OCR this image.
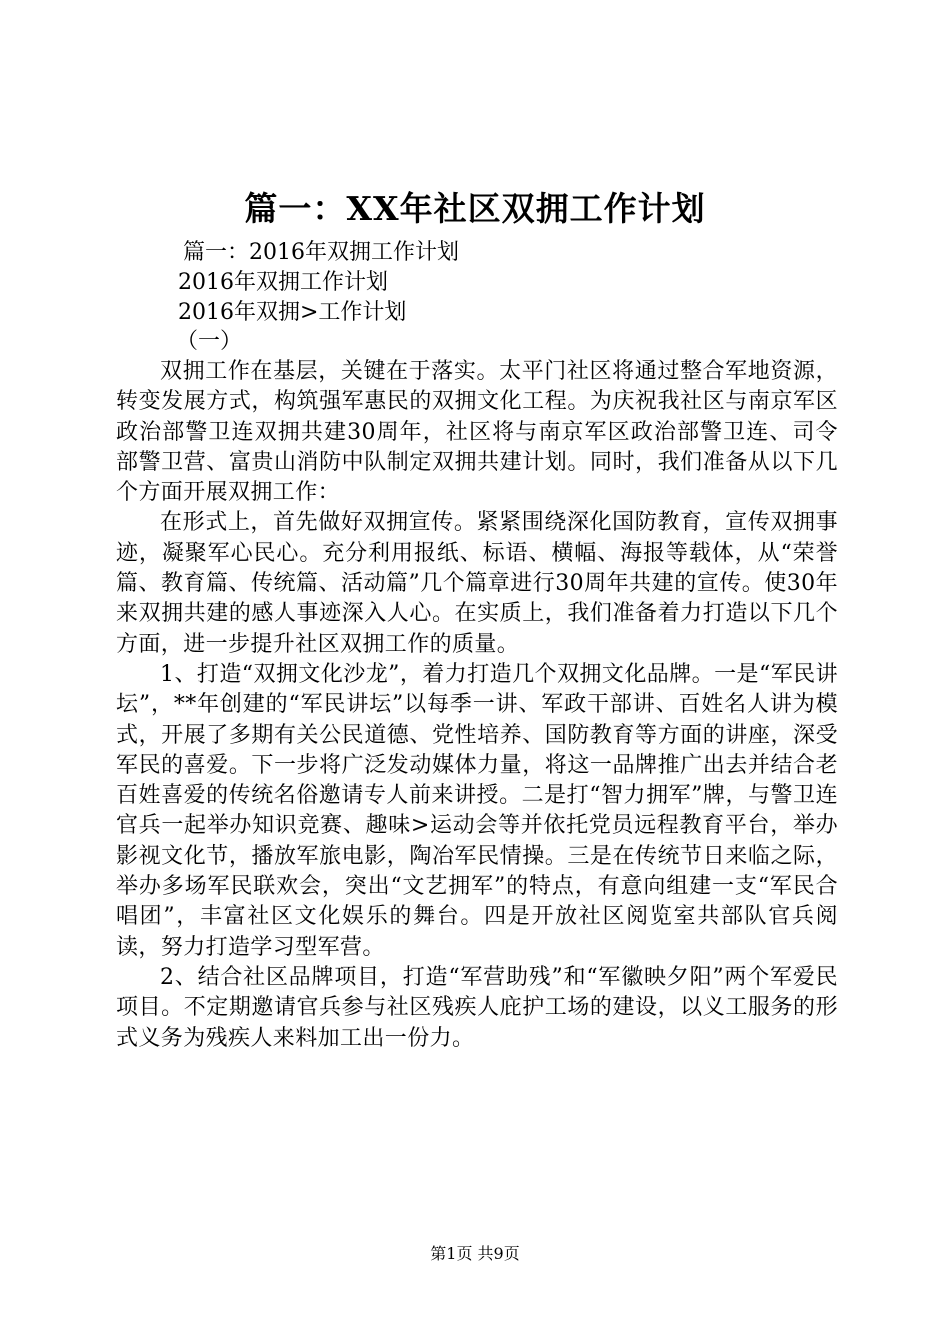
篇一：XX年社区双拥工作计划
篇一：2016年双拥工作计划
2016年双拥工作计划
2016年双拥>工作计划
（一）

双拥工作在基层，关键在于落实。太平门社区将通过整合军地资源，转变发展方式，构筑强军惠民的双拥文化工程。为庆祝我社区与南京军区政治部警卫连双拥共建30周年，社区将与南京军区政治部警卫连、司令部警卫营、富贵山消防中队制定双拥共建计划。同时，我们准备从以下几个方面开展双拥工作：

在形式上，首先做好双拥宣传。紧紧围绕深化国防教育，宣传双拥事迹，凝聚军心民心。充分利用报纸、标语、横幅、海报等载体，从“荣誉篇、教育篇、传统篇、活动篇”几个篇章进行30周年共建的宣传。使30年来双拥共建的感人事迹深入人心。在实质上，我们准备着力打造以下几个方面，进一步提升社区双拥工作的质量。

1、打造“双拥文化沙龙”，着力打造几个双拥文化品牌。一是“军民讲坛”，**年创建的“军民讲坛”以每季一讲、军政干部讲、百姓名人讲为模式，开展了多期有关公民道德、党性培养、国防教育等方面的讲座，深受军民的喜爱。下一步将广泛发动媒体力量，将这一品牌推广出去并结合老百姓喜爱的传统名俗邀请专人前来讲授。二是打“智力拥军”牌，与警卫连官兵一起举办知识竞赛、趣味>运动会等并依托党员远程教育平台，举办影视文化节，播放军旅电影，陶冶军民情操。三是在传统节日来临之际，举办多场军民联欢会，突出“文艺拥军”的特点，有意向组建一支“军民合唱团”，丰富社区文化娱乐的舞台。四是开放社区阅览室共部队官兵阅读，努力打造学习型军营。

2、结合社区品牌项目，打造“军营助残”和“军徽映夕阳”两个军爱民项目。不定期邀请官兵参与社区残疾人庇护工场的建设，以义工服务的形式义务为残疾人来料加工出一份力。

第1页 共9页
